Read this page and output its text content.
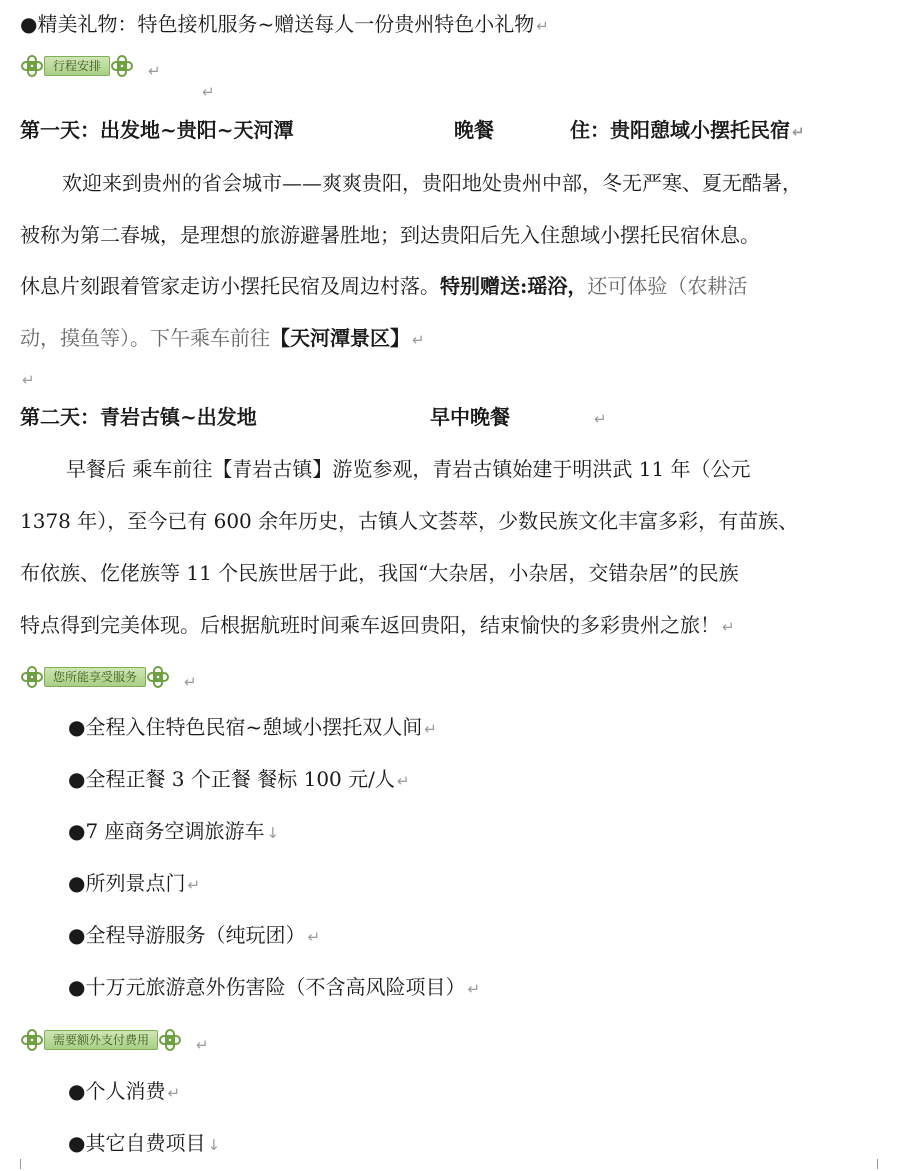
●精美礼物：特色接机服务~赠送每人一份贵州特色小礼物 ↵
行程安排	↵
↵
第一天：出发地~贵阳~天河潭	晚餐	住：贵阳憩域小摆托民宿 ↵
欢迎来到贵州的省会城市——爽爽贵阳，贵阳地处贵州中部，冬无严寒、夏无酷暑，
被称为第二春城，是理想的旅游避暑胜地；到达贵阳后先入住憩域小摆托民宿休息。
休息片刻跟着管家走访小摆托民宿及周边村落。特别赠送:瑶浴，还可体验（农耕活
动，摸鱼等）。下午乘车前往【天河潭景区】 ↵
↵
第二天：青岩古镇~出发地	早中晚餐	↵
早餐后 乘车前往【青岩古镇】游览参观，青岩古镇始建于明洪武 11 年（公元
1378 年），至今已有 600 余年历史，古镇人文荟萃，少数民族文化丰富多彩，有苗族、
布依族、仡佬族等 11 个民族世居于此，我国“大杂居，小杂居，交错杂居”的民族
特点得到完美体现。后根据航班时间乘车返回贵阳，结束愉快的多彩贵州之旅！ ↵
您所能享受服务	↵
●全程入住特色民宿~憩域小摆托双人间 ↵
●全程正餐 3 个正餐 餐标 100 元/人 ↵
●7 座商务空调旅游车 ↓
●所列景点门 ↵
●全程导游服务（纯玩团） ↵
●十万元旅游意外伤害险（不含高风险项目） ↵
需要额外支付费用	↵
●个人消费 ↵
●其它自费项目 ↓
